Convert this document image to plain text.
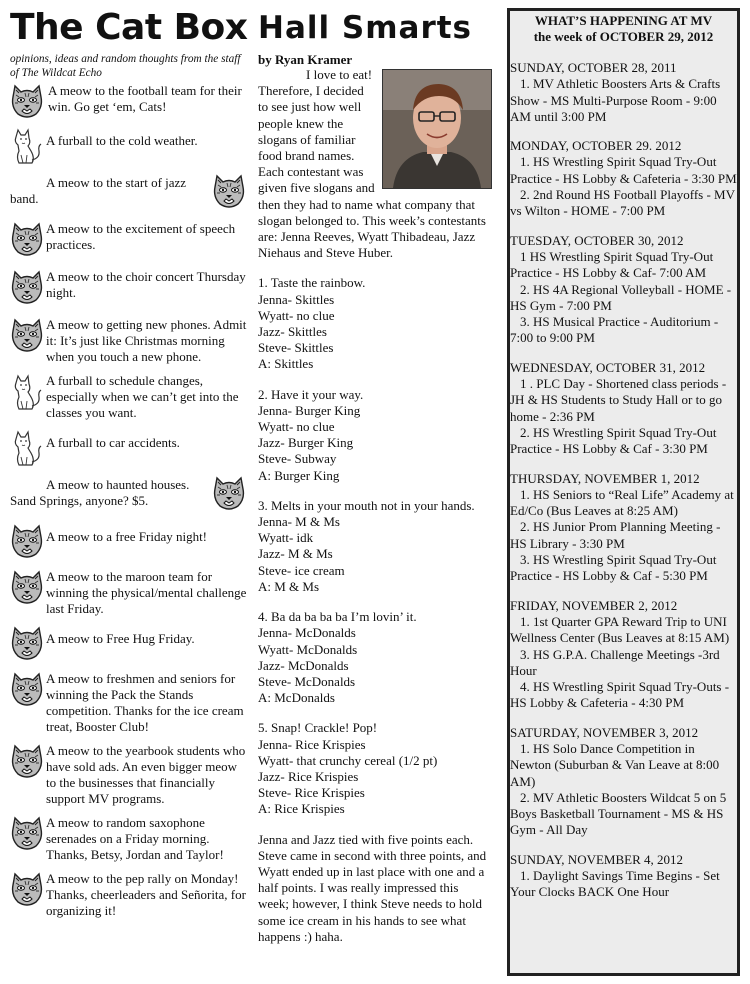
The Cat Box
opinions, ideas and random thoughts from the staff of The Wildcat Echo
A meow to the football team for their win. Go get ‘em, Cats!
A furball to the cold weather.
A meow to the start of jazz band.
A meow to the excitement of speech practices.
A meow to the choir concert Thursday night.
A meow to getting new phones. Admit it: It’s just like Christmas morning when you touch a new phone.
A furball to schedule changes, especially when we can’t get into the classes you want.
A furball to car accidents.
A meow to haunted houses. Sand Springs, anyone? $5.
A meow to a free Friday night!
A meow to the maroon team for winning the physical/mental challenge last Friday.
A meow to Free Hug Friday.
A meow to freshmen and seniors for winning the Pack the Stands competition. Thanks for the ice cream treat, Booster Club!
A meow to the yearbook students who have sold ads. An even bigger meow to the businesses that financially support MV programs.
A meow to random saxophone serenades on a Friday morning. Thanks, Betsy, Jordan and Taylor!
A meow to the pep rally on Monday! Thanks, cheerleaders and Señorita, for organizing it!
Hall Smarts
by Ryan Kramer

I love to eat! Therefore, I decided to see just how well people knew the slogans of familiar food brand names. Each contestant was given five slogans and then they had to name what company that slogan belonged to. This week’s contestants are: Jenna Reeves, Wyatt Thibadeau, Jazz Niehaus and Steve Huber.

1. Taste the rainbow.
Jenna- Skittles
Wyatt- no clue
Jazz- Skittles
Steve- Skittles
A: Skittles
2. Have it your way.
Jenna- Burger King
Wyatt- no clue
Jazz- Burger King
Steve- Subway
A: Burger King
3. Melts in your mouth not in your hands.
Jenna- M & Ms
Wyatt- idk
Jazz- M & Ms
Steve- ice cream
A: M & Ms
4. Ba da ba ba ba I’m lovin’ it.
Jenna- McDonalds
Wyatt- McDonalds
Jazz- McDonalds
Steve- McDonalds
A: McDonalds
5. Snap! Crackle! Pop!
Jenna- Rice Krispies
Wyatt- that crunchy cereal (1/2 pt)
Jazz- Rice Krispies
Steve- Rice Krispies
A: Rice Krispies

Jenna and Jazz tied with five points each. Steve came in second with three points, and Wyatt ended up in last place with one and a half points. I was really impressed this week; however, I think Steve needs to hold some ice cream in his hands to see what happens :) haha.

WHAT’S HAPPENING AT MV
the week of OCTOBER 29, 2012
SUNDAY, OCTOBER 28, 2011
1. MV Athletic Boosters Arts & Crafts Show - MS Multi-Purpose Room - 9:00 AM until 3:00 PM
MONDAY, OCTOBER 29. 2012
1. HS Wrestling Spirit Squad Try-Out Practice - HS Lobby & Cafeteria - 3:30 PM
2. 2nd Round HS Football Playoffs - MV vs Wilton - HOME - 7:00 PM
TUESDAY, OCTOBER 30, 2012
1 HS Wrestling Spirit Squad Try-Out Practice - HS Lobby & Caf- 7:00 AM
2. HS 4A Regional Volleyball - HOME - HS Gym - 7:00 PM
3. HS Musical Practice - Auditorium - 7:00 to 9:00 PM
WEDNESDAY, OCTOBER 31, 2012
1 . PLC Day - Shortened class periods - JH & HS Students to Study Hall or to go home - 2:36 PM
2. HS Wrestling Spirit Squad Try-Out Practice - HS Lobby & Caf - 3:30 PM
THURSDAY, NOVEMBER 1, 2012
1. HS Seniors to “Real Life” Academy at Ed/Co (Bus Leaves at 8:25 AM)
2. HS Junior Prom Planning Meeting - HS Library - 3:30 PM
3. HS Wrestling Spirit Squad Try-Out Practice - HS Lobby & Caf - 5:30 PM
FRIDAY, NOVEMBER 2, 2012
1. 1st Quarter GPA Reward Trip to UNI Wellness Center (Bus Leaves at 8:15 AM)
3. HS G.P.A. Challenge Meetings -3rd Hour
4. HS Wrestling Spirit Squad Try-Outs - HS Lobby & Cafeteria - 4:30 PM
SATURDAY, NOVEMBER 3, 2012
1. HS Solo Dance Competition in Newton (Suburban & Van Leave at 8:00 AM)
2. MV Athletic Boosters Wildcat 5 on 5 Boys Basketball Tournament - MS & HS Gym - All Day
SUNDAY, NOVEMBER 4, 2012
1. Daylight Savings Time Begins - Set Your Clocks BACK One Hour
